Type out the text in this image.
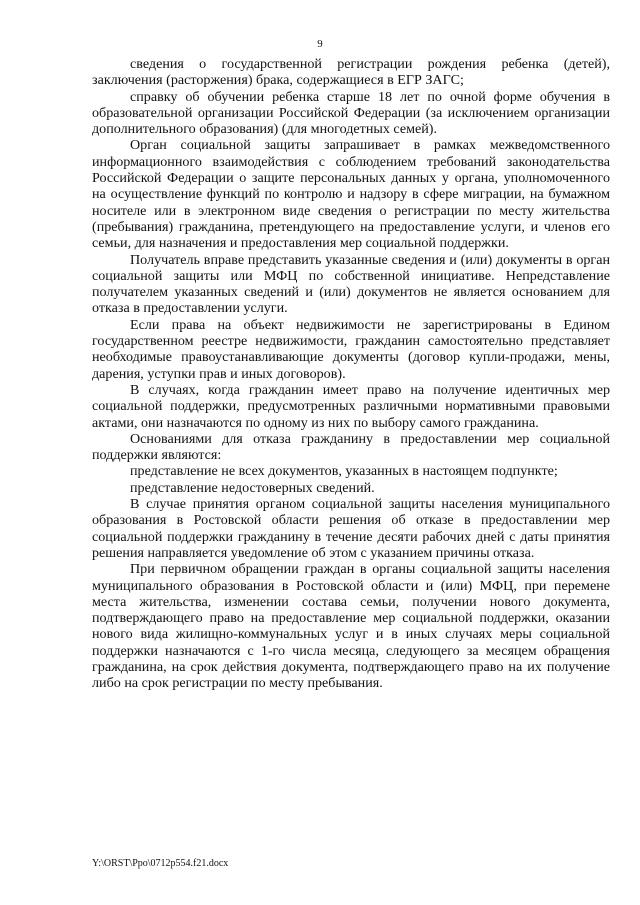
9

сведения о государственной регистрации рождения ребенка (детей), заключения (расторжения) брака, содержащиеся в ЕГР ЗАГС;

справку об обучении ребенка старше 18 лет по очной форме обучения в образовательной организации Российской Федерации (за исключением организации дополнительного образования) (для многодетных семей).

Орган социальной защиты запрашивает в рамках межведомственного информационного взаимодействия с соблюдением требований законодательства Российской Федерации о защите персональных данных у органа, уполномоченного на осуществление функций по контролю и надзору в сфере миграции, на бумажном носителе или в электронном виде сведения о регистрации по месту жительства (пребывания) гражданина, претендующего на предоставление услуги, и членов его семьи, для назначения и предоставления мер социальной поддержки.

Получатель вправе представить указанные сведения и (или) документы в орган социальной защиты или МФЦ по собственной инициативе. Непредставление получателем указанных сведений и (или) документов не является основанием для отказа в предоставлении услуги.

Если права на объект недвижимости не зарегистрированы в Едином государственном реестре недвижимости, гражданин самостоятельно представляет необходимые правоустанавливающие документы (договор купли-продажи, мены, дарения, уступки прав и иных договоров).

В случаях, когда гражданин имеет право на получение идентичных мер социальной поддержки, предусмотренных различными нормативными правовыми актами, они назначаются по одному из них по выбору самого гражданина.

Основаниями для отказа гражданину в предоставлении мер социальной поддержки являются:

представление не всех документов, указанных в настоящем подпункте;

представление недостоверных сведений.

В случае принятия органом социальной защиты населения муниципального образования в Ростовской области решения об отказе в предоставлении мер социальной поддержки гражданину в течение десяти рабочих дней с даты принятия решения направляется уведомление об этом с указанием причины отказа.

При первичном обращении граждан в органы социальной защиты населения муниципального образования в Ростовской области и (или) МФЦ, при перемене места жительства, изменении состава семьи, получении нового документа, подтверждающего право на предоставление мер социальной поддержки, оказании нового вида жилищно-коммунальных услуг и в иных случаях меры социальной поддержки назначаются с 1-го числа месяца, следующего за месяцем обращения гражданина, на срок действия документа, подтверждающего право на их получение либо на срок регистрации по месту пребывания.

Y:\ORST\Ppo\0712p554.f21.docx
